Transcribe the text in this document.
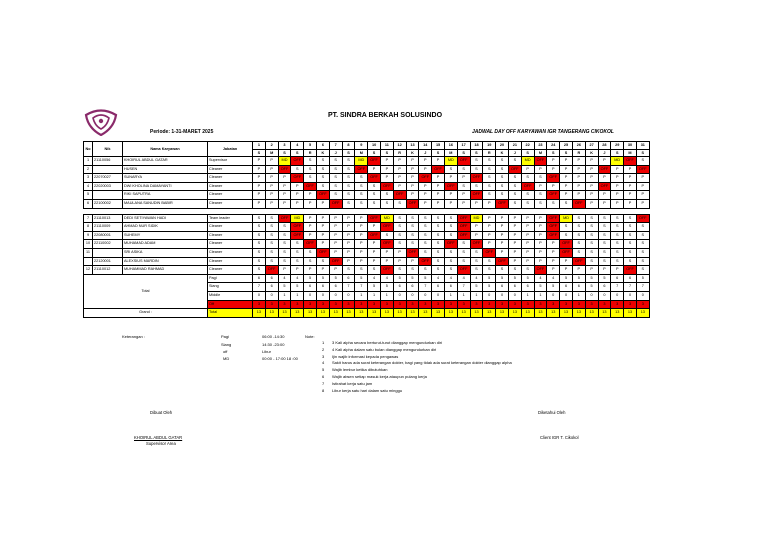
PT. SINDRA BERKAH SOLUSINDO
Periode: 1-31-MARET 2025	JADWAL DAY OFF KARYAWAN IGR TANGERANG CIKOKOL
No	Nik	Nama Karyawan	Jabatan	1	2	3	4	5	6	7	8	9	10	11	12	13	14	15	16	17	18	19	20	21	22	23	24	25	26	27	28	29	30	31
				S	M	S	S	R	K	J	S	M	S	S	R	K	J	S	M	S	S	R	K	J	S	M	S	S	R	K	J	S	M	S
1	21110056	KHOIRUL ABDUL GATAR	Supervisor	P	P	MD	OFF	S	S	S	S	MD	OFF	P	P	P	P	P	MD	OFF	S	S	S	S	MD	OFF	P	P	P	P	P	MD	OFF	S
2		HUSEN	Cleaner	P	P	OFF	S	S	S	S	S	OFF	P	P	P	P	P	OFF	S	S	S	S	S	OFF	P	P	P	P	P	P	OFF	P	P	OFF
3	22070027	SUNARYA	Cleaner	P	P	P	OFF	S	S	S	S	S	OFF	P	P	P	OFF	P	P	P	OFF	S	S	S	S	S	OFF	P	P	P	P	P	P	P
4	22020003	DWI KHOLINA DAMAYANTI	Cleaner	P	P	P	P	OFF	S	S	S	S	S	OFF	P	P	P	P	OFF	S	S	S	S	S	OFF	P	P	P	P	P	OFF	P	P	P
5		RIKI SAPUTRA	Cleaner	P	P	P	P	P	OFF	S	S	S	S	S	OFF	P	P	P	P	P	OFF	S	S	S	S	S	OFF	P	P	P	P	P	P	P
6	22100002	MAULANA SANUDIN BABIR	Cleaner	P	P	P	P	P	P	OFF	S	S	S	S	S	OFF	P	P	P	P	P	P	OFF	S	S	S	S	S	OFF	P	P	P	P	P

7	21110013	DEDI SETIYAWAN HADI	Team leader	S	S	OFF	MD	P	P	P	P	P	OFF	MD	S	S	S	S	S	OFF	MD	P	P	P	P	P	OFF	MD	S	S	S	S	S	OFF
8	21110009	AHMAD NUR SIDIK	Cleaner	S	S	S	OFF	P	P	P	P	P	P	OFF	S	S	S	S	S	OFF	P	P	P	P	P	P	OFF	S	S	S	S	S	S	S
9	22080001	SUHEMY	Cleaner	S	S	S	OFF	P	P	P	P	P	OFF	S	S	S	S	S	S	OFF	P	P	P	P	P	P	OFF	S	S	S	S	S	S	S
10	22110002	MUHAMAD ADAM	Cleaner	S	S	S	S	OFF	P	P	P	P	P	OFF	S	S	S	S	OFF	S	OFF	P	P	P	P	P	P	OFF	S	S	S	S	S	S
11		SRI ASIKA	Cleaner	S	S	S	S	S	OFF	P	P	P	P	P	P	OFF	S	S	S	S	S	OFF	P	P	P	P	P	OFF	S	S	S	S	S	S
	22120001	ALEXSIUS MARDIN	Cleaner	S	S	S	S	S	S	OFF	P	P	P	P	P	P	OFF	S	S	S	S	S	OFF	P	P	P	P	P	OFF	S	S	S	S	S
12	21110012	MUHAMMAD RAHMAD	Cleaner	S	OFF	P	P	P	P	P	S	S	S	OFF	S	S	S	S	S	OFF	S	S	S	S	S	OFF	P	P	P	P	P	P	OFF	S
Total			Pagi	6	6	4	4	5	5	5	6	5	4	4	5	5	5	4	4	4	4	5	5	5	5	4	4	5	5	5	5	6	6	5
			Siang	7	6	5	5	6	6	6	7	7	5	5	6	6	7	6	6	7	5	5	6	6	6	5	5	6	6	5	6	7	7	7
			Middle	0	0	1	1	0	0	0	0	1	1	1	0	0	0	0	1	1	1	0	0	0	1	1	0	0	1	0	0	0	0	0
			Off	3	3	3	3	3	3	3	3	3	3	3	3	3	3	3	3	3	3	3	3	3	3	3	3	3	3	3	3	3	3	3
Grand :			Total	13	13	13	13	13	13	13	13	13	13	13	13	13	13	13	13	13	13	13	13	13	13	13	13	13	13	13	13	13	13	13
Keterangan :	Pagi	06:00 -14:30	Note:
Siang	14:30 -23:00
off	Libur
MD	00:00 - 17:00 18 :00
1 3 Kali alpha secara berturut-turut dianggap mengundurkan diri
2 4 Kali alpha dalam satu bulan dianggap mengundurkan diri
3 Ijin wajib informasi kepada pengawas
4 Sakit harus ada surat keterangan dokter, bagi yang tidak ada surat keterangan dokter dianggap alpha
5 Wajib lembur ketika dibutuhkan
6 Wajib absen setiap masuk kerja ataupun pulang kerja
7 Istirahat kerja satu jam
8 Libur kerja satu hari dalam satu minggu
Dibuat Oleh	Diketahui Oleh
KHOIRUL ABDUL GATAR
Supervisor Area
Client IGR T. Cikokol
